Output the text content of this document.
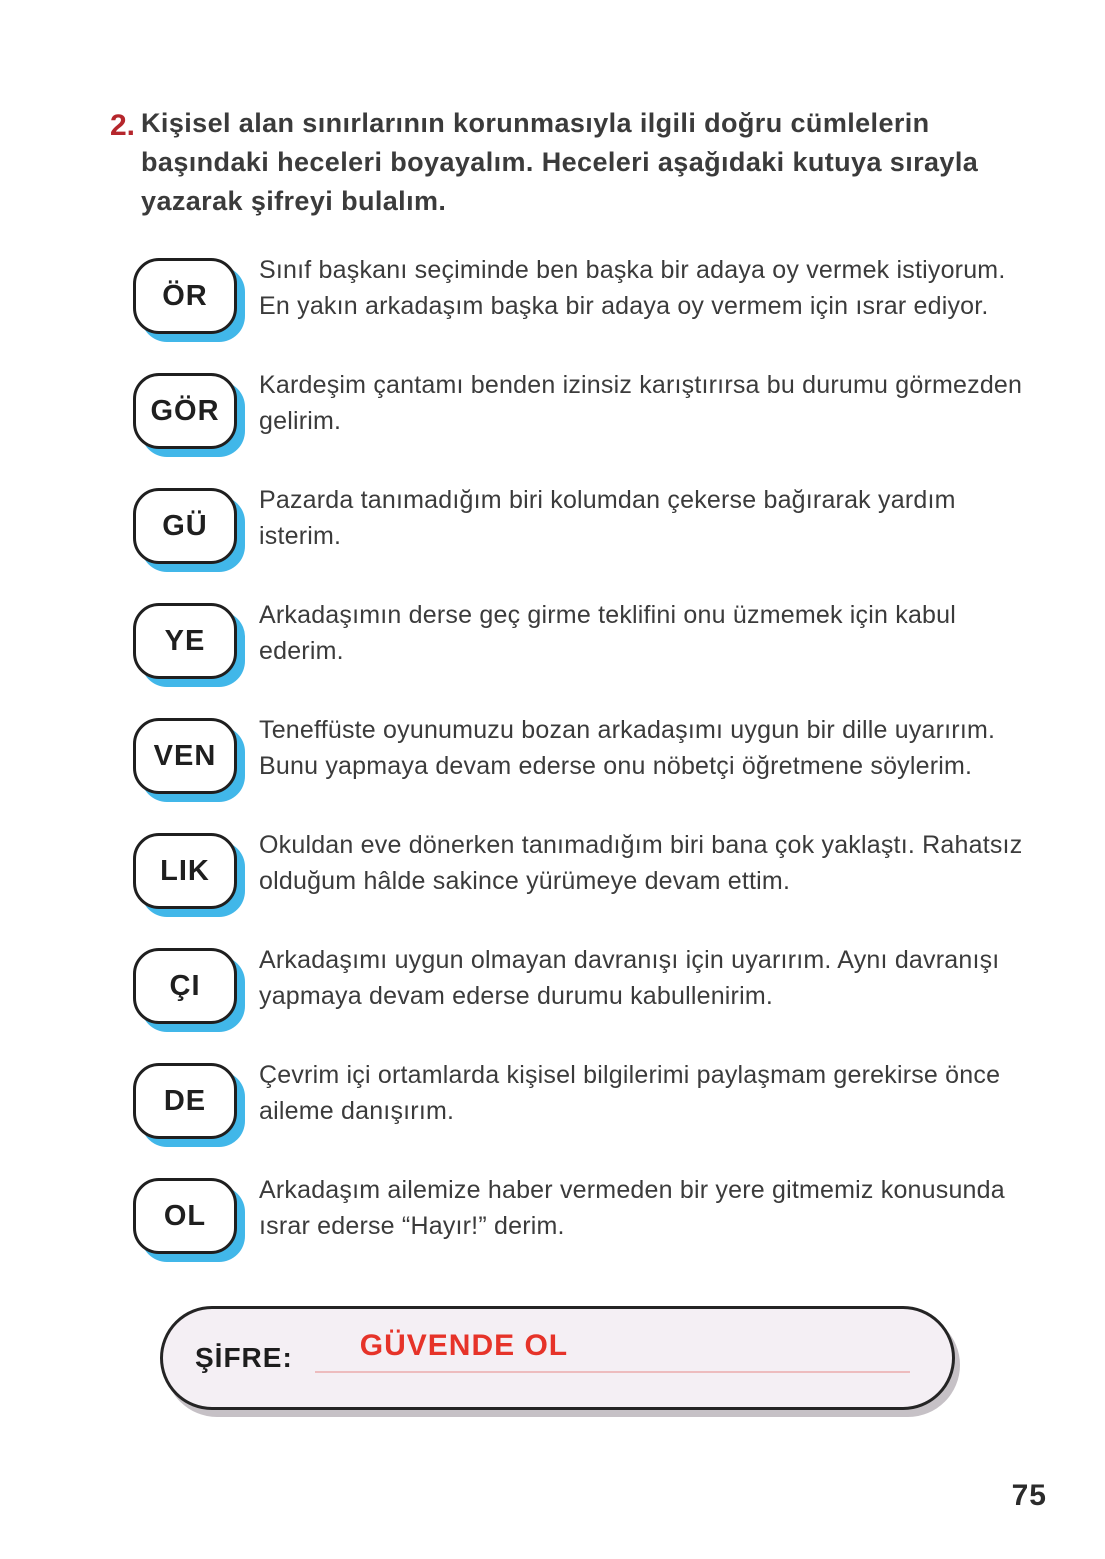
2. Kişisel alan sınırlarının korunmasıyla ilgili doğru cümlelerin başındaki heceleri boyayalım. Heceleri aşağıdaki kutuya sırayla yazarak şifreyi bulalım.

ÖR

Sınıf başkanı seçiminde ben başka bir adaya oy vermek istiyorum. En yakın arkadaşım başka bir adaya oy vermem için ısrar ediyor.

GÖR

Kardeşim çantamı benden izinsiz karıştırırsa bu durumu görmezden gelirim.

GÜ

Pazarda tanımadığım biri kolumdan çekerse bağırarak yardım isterim.

YE

Arkadaşımın derse geç girme teklifini onu üzmemek için kabul ederim.

VEN

Teneffüste oyunumuzu bozan arkadaşımı uygun bir dille uyarırım. Bunu yapmaya devam ederse onu nöbetçi öğretmene söylerim.

LIK

Okuldan eve dönerken tanımadığım biri bana çok yaklaştı. Rahatsız olduğum hâlde sakince yürümeye devam ettim.

ÇI

Arkadaşımı uygun olmayan davranışı için uyarırım. Aynı davranışı yapmaya devam ederse durumu kabullenirim.

DE

Çevrim içi ortamlarda kişisel bilgilerimi paylaşmam gerekirse önce aileme danışırım.

OL

Arkadaşım ailemize haber vermeden bir yere gitmemiz konusunda ısrar ederse “Hayır!” derim.

ŞİFRE:	GÜVENDE OL
75
